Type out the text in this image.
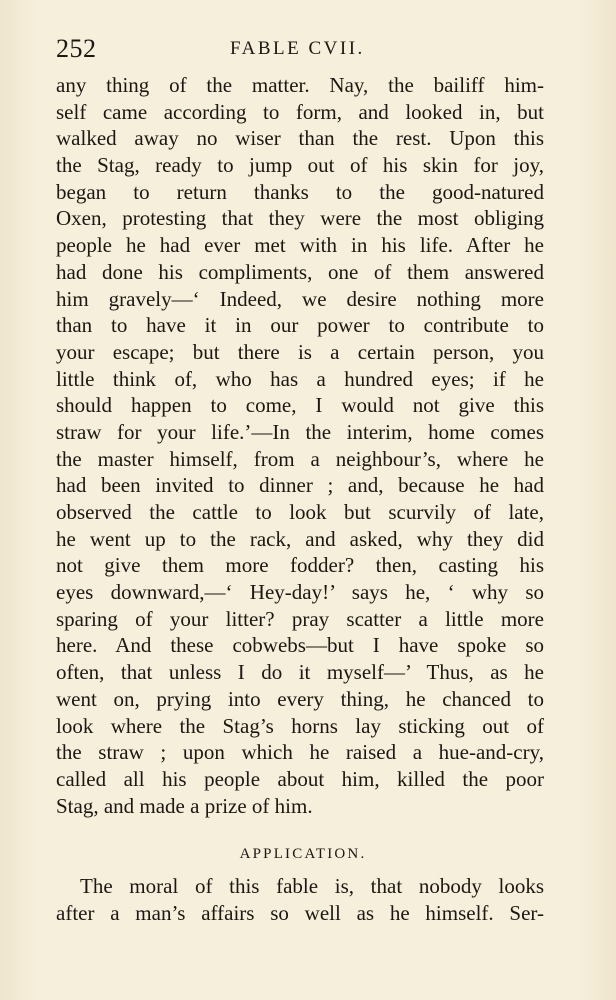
252	FABLE CVII.
any thing of the matter. Nay, the bailiff him-
self came according to form, and looked in, but
walked away no wiser than the rest. Upon this
the Stag, ready to jump out of his skin for joy,
began to return thanks to the good-natured
Oxen, protesting that they were the most obliging
people he had ever met with in his life. After he
had done his compliments, one of them answered
him gravely—‘ Indeed, we desire nothing more
than to have it in our power to contribute to
your escape; but there is a certain person, you
little think of, who has a hundred eyes; if he
should happen to come, I would not give this
straw for your life.’—In the interim, home comes
the master himself, from a neighbour’s, where he
had been invited to dinner ; and, because he had
observed the cattle to look but scurvily of late,
he went up to the rack, and asked, why they did
not give them more fodder? then, casting his
eyes downward,—‘ Hey-day!’ says he, ‘ why so
sparing of your litter? pray scatter a little more
here. And these cobwebs—but I have spoke so
often, that unless I do it myself—’ Thus, as he
went on, prying into every thing, he chanced to
look where the Stag’s horns lay sticking out of
the straw ; upon which he raised a hue-and-cry,
called all his people about him, killed the poor
Stag, and made a prize of him.
APPLICATION.
The moral of this fable is, that nobody looks
after a man’s affairs so well as he himself. Ser-
